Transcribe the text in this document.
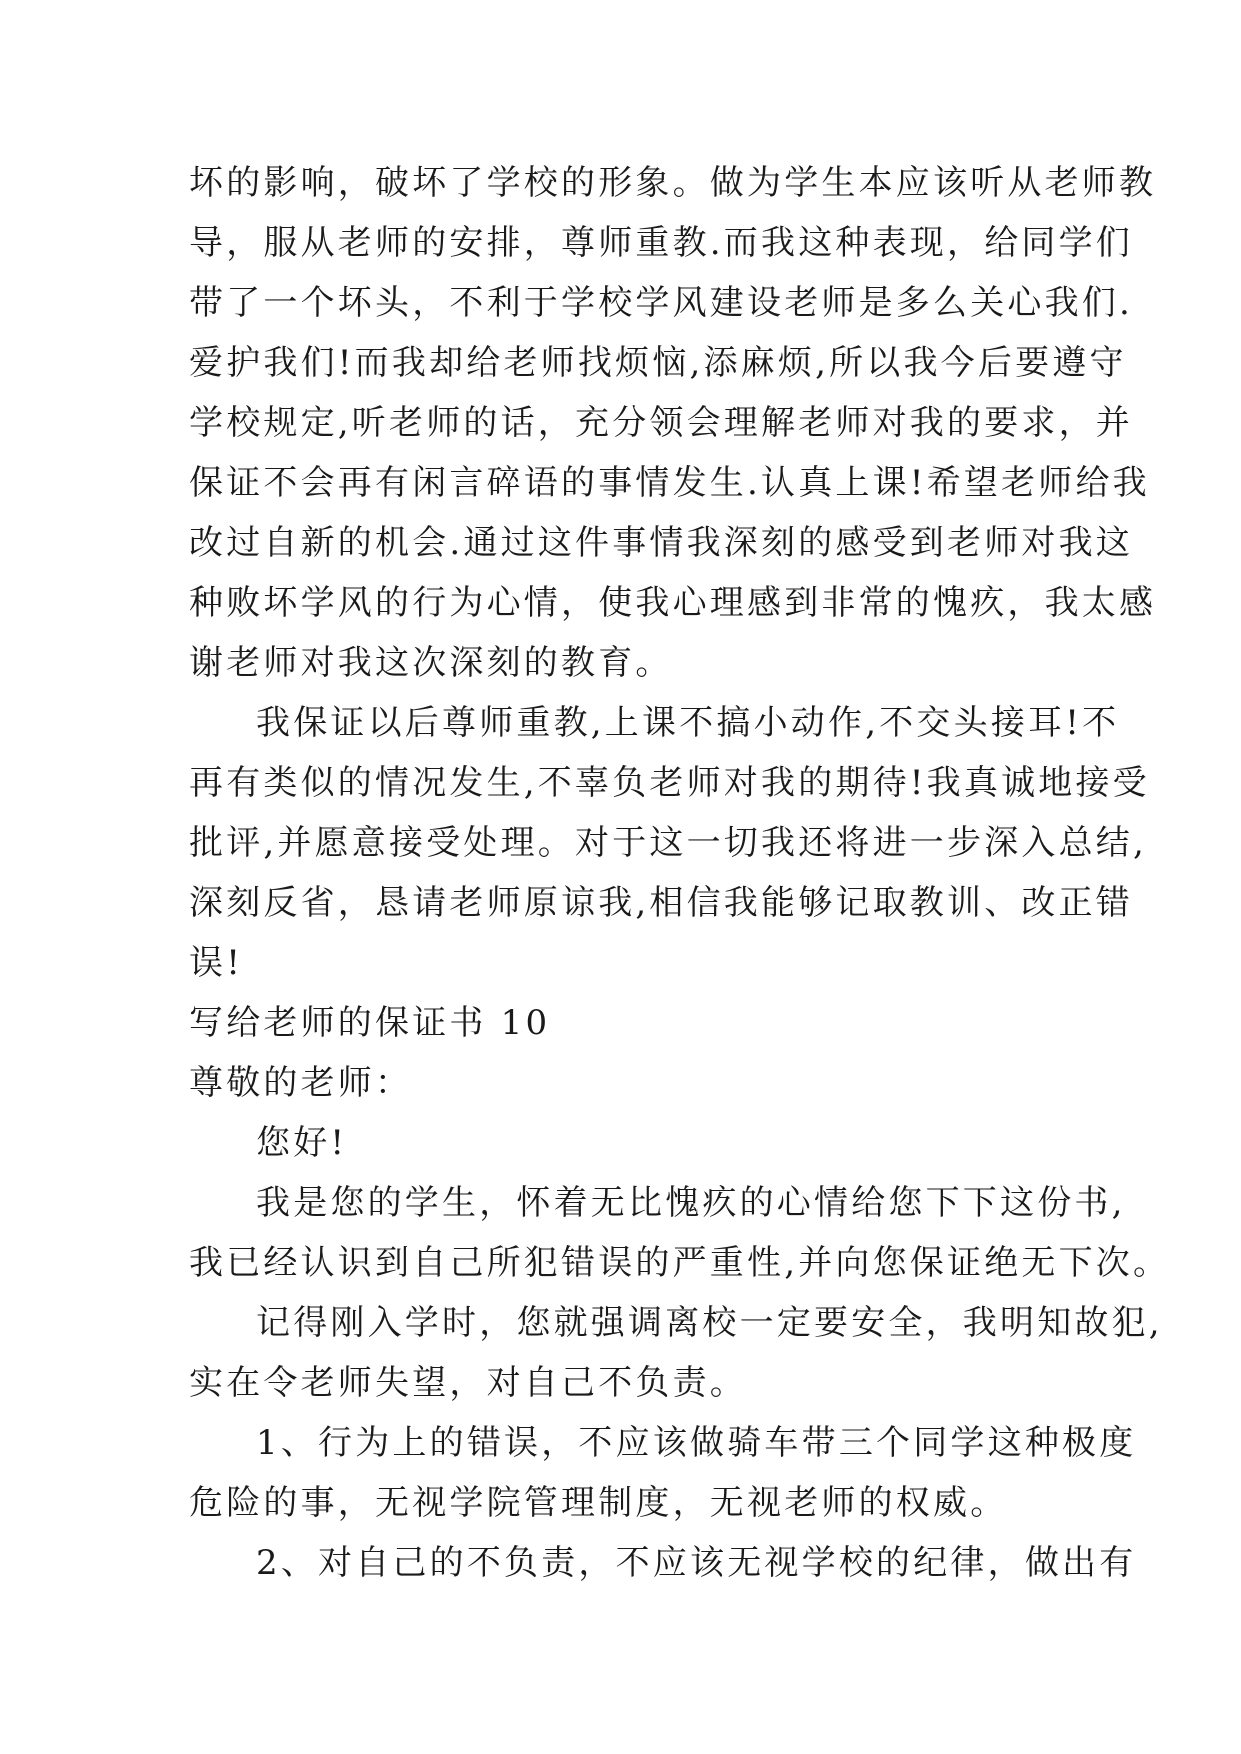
坏的影响，破坏了学校的形象。做为学生本应该听从老师教
导，服从老师的安排，尊师重教.而我这种表现，给同学们
带了一个坏头，不利于学校学风建设老师是多么关心我们.
爱护我们!而我却给老师找烦恼,添麻烦,所以我今后要遵守
学校规定,听老师的话，充分领会理解老师对我的要求，并
保证不会再有闲言碎语的事情发生.认真上课!希望老师给我
改过自新的机会.通过这件事情我深刻的感受到老师对我这
种败坏学风的行为心情，使我心理感到非常的愧疚，我太感
谢老师对我这次深刻的教育。
我保证以后尊师重教,上课不搞小动作,不交头接耳!不
再有类似的情况发生,不辜负老师对我的期待!我真诚地接受
批评,并愿意接受处理。对于这一切我还将进一步深入总结,
深刻反省，恳请老师原谅我,相信我能够记取教训、改正错
误!
写给老师的保证书 10
尊敬的老师：
您好!
我是您的学生，怀着无比愧疚的心情给您下下这份书,
我已经认识到自己所犯错误的严重性,并向您保证绝无下次。
记得刚入学时，您就强调离校一定要安全，我明知故犯,
实在令老师失望，对自己不负责。
1、行为上的错误，不应该做骑车带三个同学这种极度
危险的事，无视学院管理制度，无视老师的权威。
2、对自己的不负责，不应该无视学校的纪律，做出有
